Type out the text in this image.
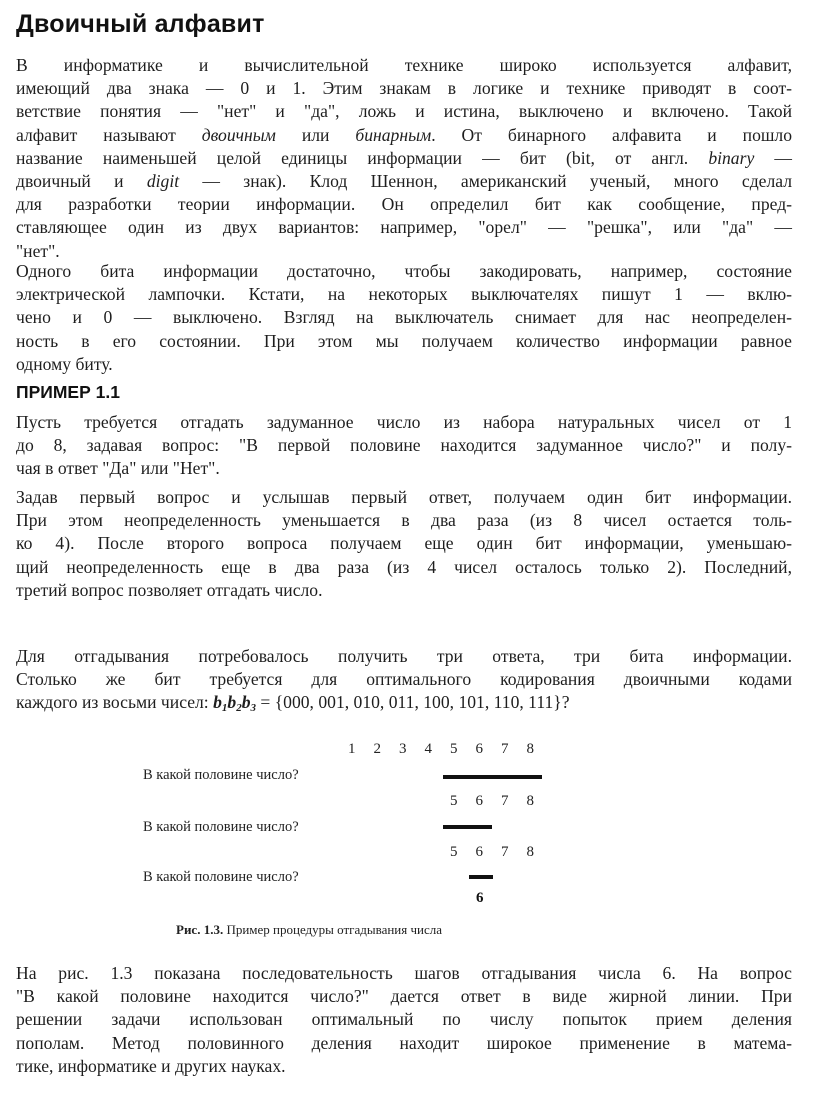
Двоичный алфавит
В информатике и вычислительной технике широко используется алфавит,
имеющий два знака — 0 и 1. Этим знакам в логике и технике приводят в соот-
ветствие понятия — "нет" и "да", ложь и истина, выключено и включено. Такой
алфавит называют двоичным или бинарным. От бинарного алфавита и пошло
название наименьшей целой единицы информации — бит (bit, от англ. binary —
двоичный и digit — знак). Клод Шеннон, американский ученый, много сделал
для разработки теории информации. Он определил бит как сообщение, пред-
ставляющее один из двух вариантов: например, "орел" — "решка", или "да" —
"нет".
Одного бита информации достаточно, чтобы закодировать, например, состояние
электрической лампочки. Кстати, на некоторых выключателях пишут 1 — вклю-
чено и 0 — выключено. Взгляд на выключатель снимает для нас неопределен-
ность в его состоянии. При этом мы получаем количество информации равное
одному биту.
ПРИМЕР 1.1
Пусть требуется отгадать задуманное число из набора натуральных чисел от 1
до 8, задавая вопрос: "В первой половине находится задуманное число?" и полу-
чая в ответ "Да" или "Нет".
Задав первый вопрос и услышав первый ответ, получаем один бит информации.
При этом неопределенность уменьшается в два раза (из 8 чисел остается толь-
ко 4). После второго вопроса получаем еще один бит информации, уменьшаю-
щий неопределенность еще в два раза (из 4 чисел осталось только 2). Последний,
третий вопрос позволяет отгадать число.
Для отгадывания потребовалось получить три ответа, три бита информации.
Столько же бит требуется для оптимального кодирования двоичными кодами
каждого из восьми чисел: $b_1b_2b_3 = \{000$, 001, 010, 011, 100, 101, 110, 111}?
1	2	3	4	5	6	7	8
В какой половине число?
5	6	7	8
В какой половине число?
5	6	7	8
В какой половине число?
6
Рис. 1.3. Пример процедуры отгадывания числа
На рис. 1.3 показана последовательность шагов отгадывания числа 6. На вопрос
"В какой половине находится число?" дается ответ в виде жирной линии. При
решении задачи использован оптимальный по числу попыток прием деления
пополам. Метод половинного деления находит широкое применение в матема-
тике, информатике и других науках.
